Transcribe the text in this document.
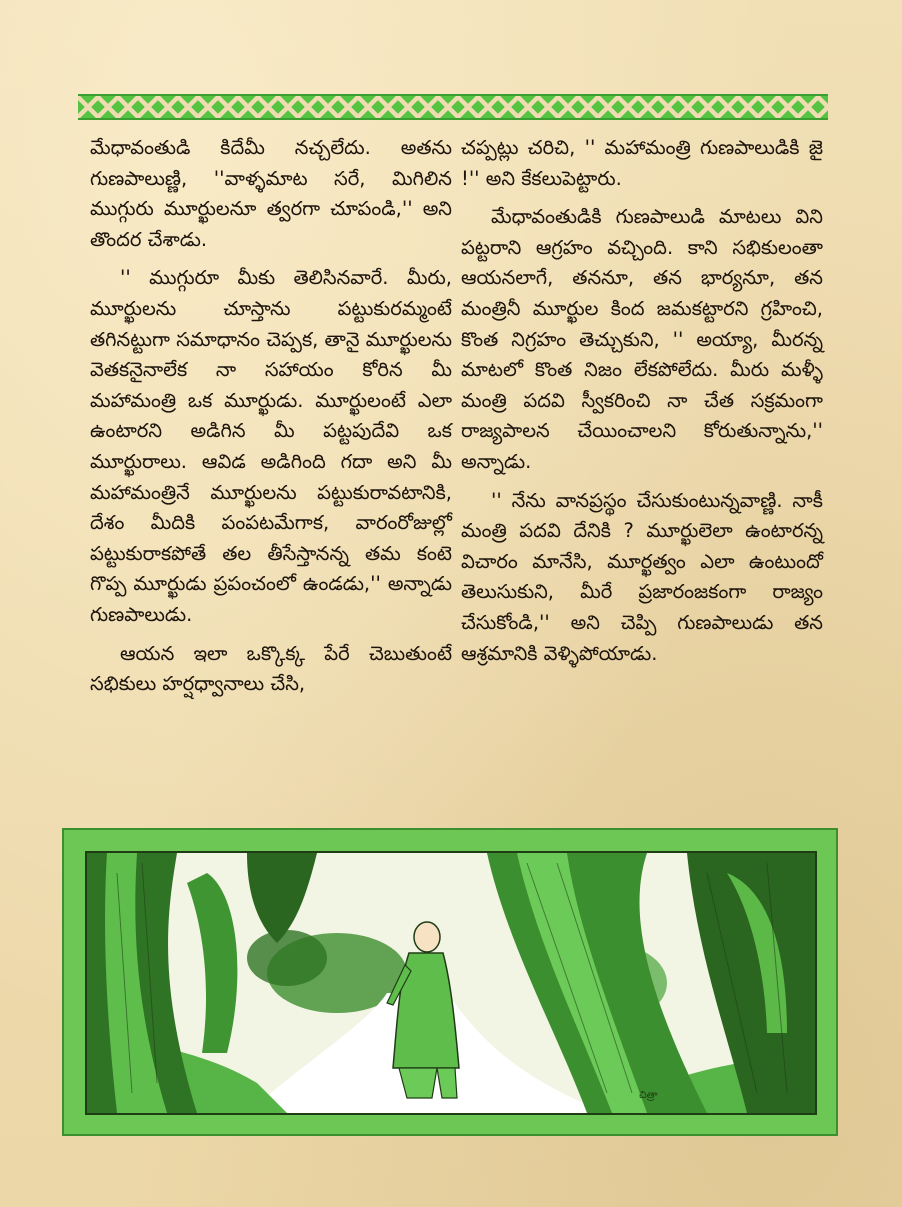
మేధావంతుడి కిదేమీ నచ్చలేదు. అతను గుణపాలుణ్ణి, ''వాళ్ళమాట సరే, మిగిలిన ముగ్గురు మూర్ఖులనూ త్వరగా చూపండి,'' అని తొందర చేశాడు.

'' ముగ్గురూ మీకు తెలిసినవారే. మీరు, మూర్ఖులను చూస్తాను పట్టుకురమ్మంటే తగినట్టుగా సమాధానం చెప్పక, తానై మూర్ఖులను వెతకనైనాలేక నా సహాయం కోరిన మీ మహామంత్రి ఒక మూర్ఖుడు. మూర్ఖులంటే ఎలా ఉంటారని అడిగిన మీ పట్టపుదేవి ఒక మూర్ఖురాలు. ఆవిడ అడిగింది గదా అని మీ మహామంత్రినే మూర్ఖులను పట్టుకురావటానికి, దేశం మీదికి పంపటమేగాక, వారంరోజుల్లో పట్టుకురాకపోతే తల తీసేస్తానన్న తమ కంటె గొప్ప మూర్ఖుడు ప్రపంచంలో ఉండడు,'' అన్నాడు గుణపాలుడు.

ఆయన ఇలా ఒక్కొక్క పేరే చెబుతుంటే సభికులు హర్షధ్వానాలు చేసి,

చప్పట్లు చరిచి, '' మహామంత్రి గుణపాలుడికి జై !'' అని కేకలుపెట్టారు.

మేధావంతుడికి గుణపాలుడి మాటలు విని పట్టరాని ఆగ్రహం వచ్చింది. కాని సభికులంతా ఆయనలాగే, తననూ, తన భార్యనూ, తన మంత్రినీ మూర్ఖుల కింద జమకట్టారని గ్రహించి, కొంత నిగ్రహం తెచ్చుకుని, '' అయ్యా, మీరన్న మాటలో కొంత నిజం లేకపోలేదు. మీరు మళ్ళీ మంత్రి పదవి స్వీకరించి నా చేత సక్రమంగా రాజ్యపాలన చేయించాలని కోరుతున్నాను,'' అన్నాడు.

'' నేను వానప్రస్థం చేసుకుంటున్నవాణ్ణి. నాకీ మంత్రి పదవి దేనికి ? మూర్ఖులెలా ఉంటారన్న విచారం మానేసి, మూర్ఖత్వం ఎలా ఉంటుందో తెలుసుకుని, మీరే ప్రజారంజకంగా రాజ్యం చేసుకోండి,'' అని చెప్పి గుణపాలుడు తన ఆశ్రమానికి వెళ్ళిపోయాడు.

చిత్రా
